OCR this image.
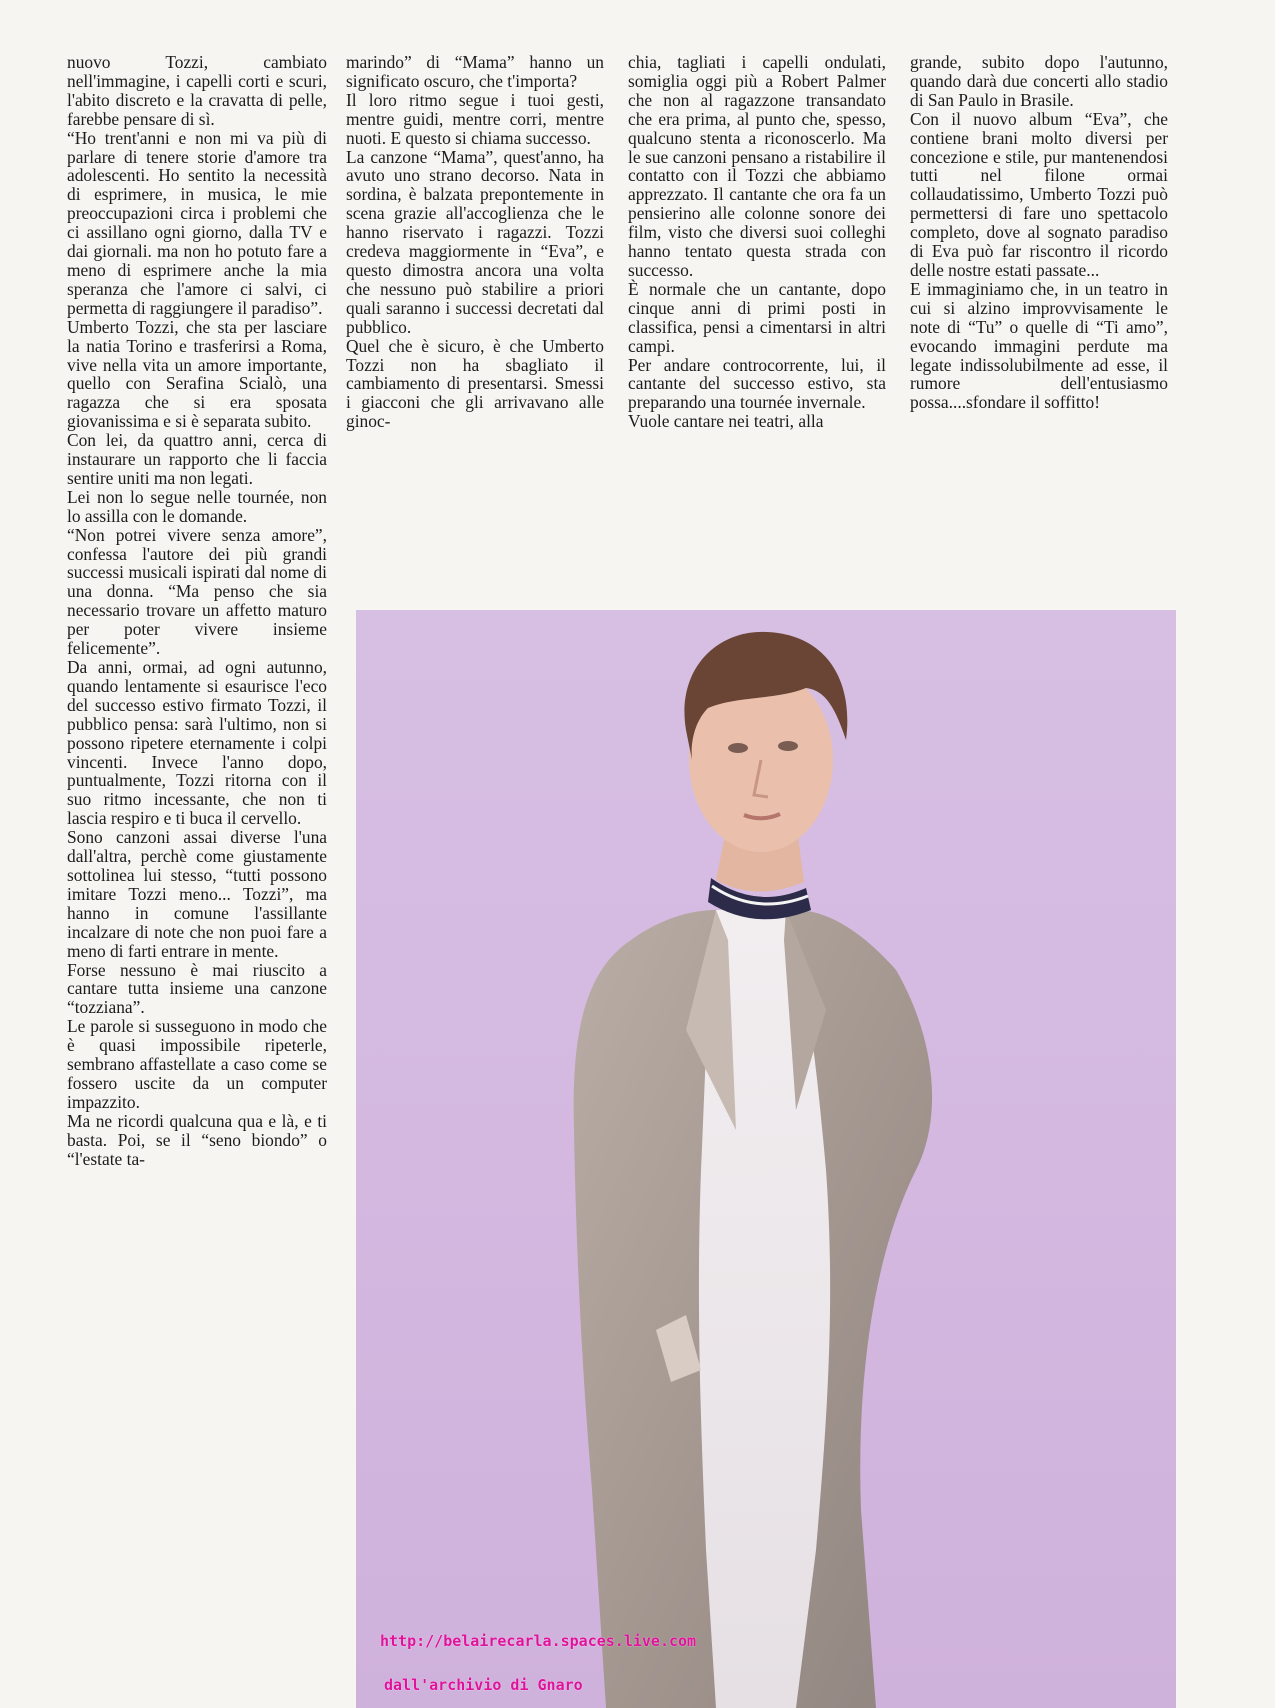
nuovo Tozzi, cambiato nell'immagine, i capelli corti e scuri, l'abito discreto e la cravatta di pelle, farebbe pensare di sì.

“Ho trent'anni e non mi va più di parlare di tenere storie d'amore tra adolescenti. Ho sentito la necessità di esprimere, in musica, le mie preoccupazioni circa i problemi che ci assillano ogni giorno, dalla TV e dai giornali. ma non ho potuto fare a meno di esprimere anche la mia speranza che l'amore ci salvi, ci permetta di raggiungere il paradiso”.

Umberto Tozzi, che sta per lasciare la natia Torino e trasferirsi a Roma, vive nella vita un amore importante, quello con Serafina Scialò, una ragazza che si era sposata giovanissima e si è separata subito.

Con lei, da quattro anni, cerca di instaurare un rapporto che li faccia sentire uniti ma non legati.

Lei non lo segue nelle tournée, non lo assilla con le domande.

“Non potrei vivere senza amore”, confessa l'autore dei più grandi successi musicali ispirati dal nome di una donna. “Ma penso che sia necessario trovare un affetto maturo per poter vivere insieme felicemente”.

Da anni, ormai, ad ogni autunno, quando lentamente si esaurisce l'eco del successo estivo firmato Tozzi, il pubblico pensa: sarà l'ultimo, non si possono ripetere eternamente i colpi vincenti. Invece l'anno dopo, puntualmente, Tozzi ritorna con il suo ritmo incessante, che non ti lascia respiro e ti buca il cervello.

Sono canzoni assai diverse l'una dall'altra, perchè come giustamente sottolinea lui stesso, “tutti possono imitare Tozzi meno... Tozzi”, ma hanno in comune l'assillante incalzare di note che non puoi fare a meno di farti entrare in mente.

Forse nessuno è mai riuscito a cantare tutta insieme una canzone “tozziana”.

Le parole si susseguono in modo che è quasi impossibile ripeterle, sembrano affastellate a caso come se fossero uscite da un computer impazzito.

Ma ne ricordi qualcuna qua e là, e ti basta. Poi, se il “seno biondo” o “l'estate ta-

marindo” di “Mama” hanno un significato oscuro, che t'importa?

Il loro ritmo segue i tuoi gesti, mentre guidi, mentre corri, mentre nuoti. E questo si chiama successo.

La canzone “Mama”, quest'anno, ha avuto uno strano decorso. Nata in sordina, è balzata prepontemente in scena grazie all'accoglienza che le hanno riservato i ragazzi. Tozzi credeva maggiormente in “Eva”, e questo dimostra ancora una volta che nessuno può stabilire a priori quali saranno i successi decretati dal pubblico.

Quel che è sicuro, è che Umberto Tozzi non ha sbagliato il cambiamento di presentarsi. Smessi i giacconi che gli arrivavano alle ginoc-

chia, tagliati i capelli ondulati, somiglia oggi più a Robert Palmer che non al ragazzone transandato che era prima, al punto che, spesso, qualcuno stenta a riconoscerlo. Ma le sue canzoni pensano a ristabilire il contatto con il Tozzi che abbiamo apprezzato. Il cantante che ora fa un pensierino alle colonne sonore dei film, visto che diversi suoi colleghi hanno tentato questa strada con successo.

È normale che un cantante, dopo cinque anni di primi posti in classifica, pensi a cimentarsi in altri campi.

Per andare controcorrente, lui, il cantante del successo estivo, sta preparando una tournée invernale.

Vuole cantare nei teatri, alla

grande, subito dopo l'autunno, quando darà due concerti allo stadio di San Paulo in Brasile.

Con il nuovo album “Eva”, che contiene brani molto diversi per concezione e stile, pur mantenendosi tutti nel filone ormai collaudatissimo, Umberto Tozzi può permettersi di fare uno spettacolo completo, dove al sognato paradiso di Eva può far riscontro il ricordo delle nostre estati passate...

E immaginiamo che, in un teatro in cui si alzino improvvisamente le note di “Tu” o quelle di “Ti amo”, evocando immagini perdute ma legate indissolubilmente ad esse, il rumore dell'entusiasmo possa....sfondare il soffitto!

http://belairecarla.spaces.live.com
dall'archivio di Gnaro
